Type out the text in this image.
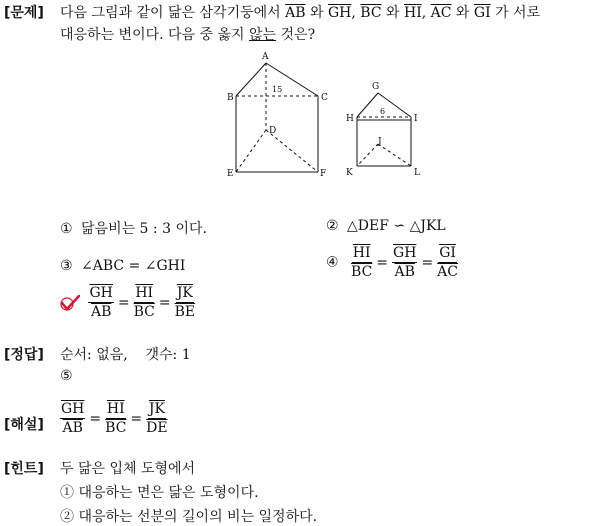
[문제] 다음 그림과 같이 닮은 삼각기둥에서 $\overline{AB}$ 와 $\overline{GH}$, $\overline{BC}$ 와 $\overline{HI}$, $\overline{AC}$ 와 $\overline{GI}$ 가 서로
대응하는 변이다. 다음 중 옳지 않는 것은?
A
B	C
D
E	F
15	G
H	I
J
K	L
6
① 닮음비는 5 : 3 이다.	② △DEF ∽ △JKL
③ ∠ABC = ∠GHI	④ $\frac{\overline{HI}}{BC} = \frac{\overline{GH}}{AB} = \frac{\overline{GI}}{AC}$

$\frac{\overline{GH}}{AB} = \frac{\overline{HI}}{BC} = \frac{\overline{JK}}{BE}$
[정답] 순서: 없음,    갯수: 1
⑤
[해설] $\frac{\overline{GH}}{AB} = \frac{\overline{HI}}{BC} = \frac{\overline{JK}}{DE}$
[힌트] 두 닮은 입체 도형에서
① 대응하는 면은 닮은 도형이다.
② 대응하는 선분의 길이의 비는 일정하다.
